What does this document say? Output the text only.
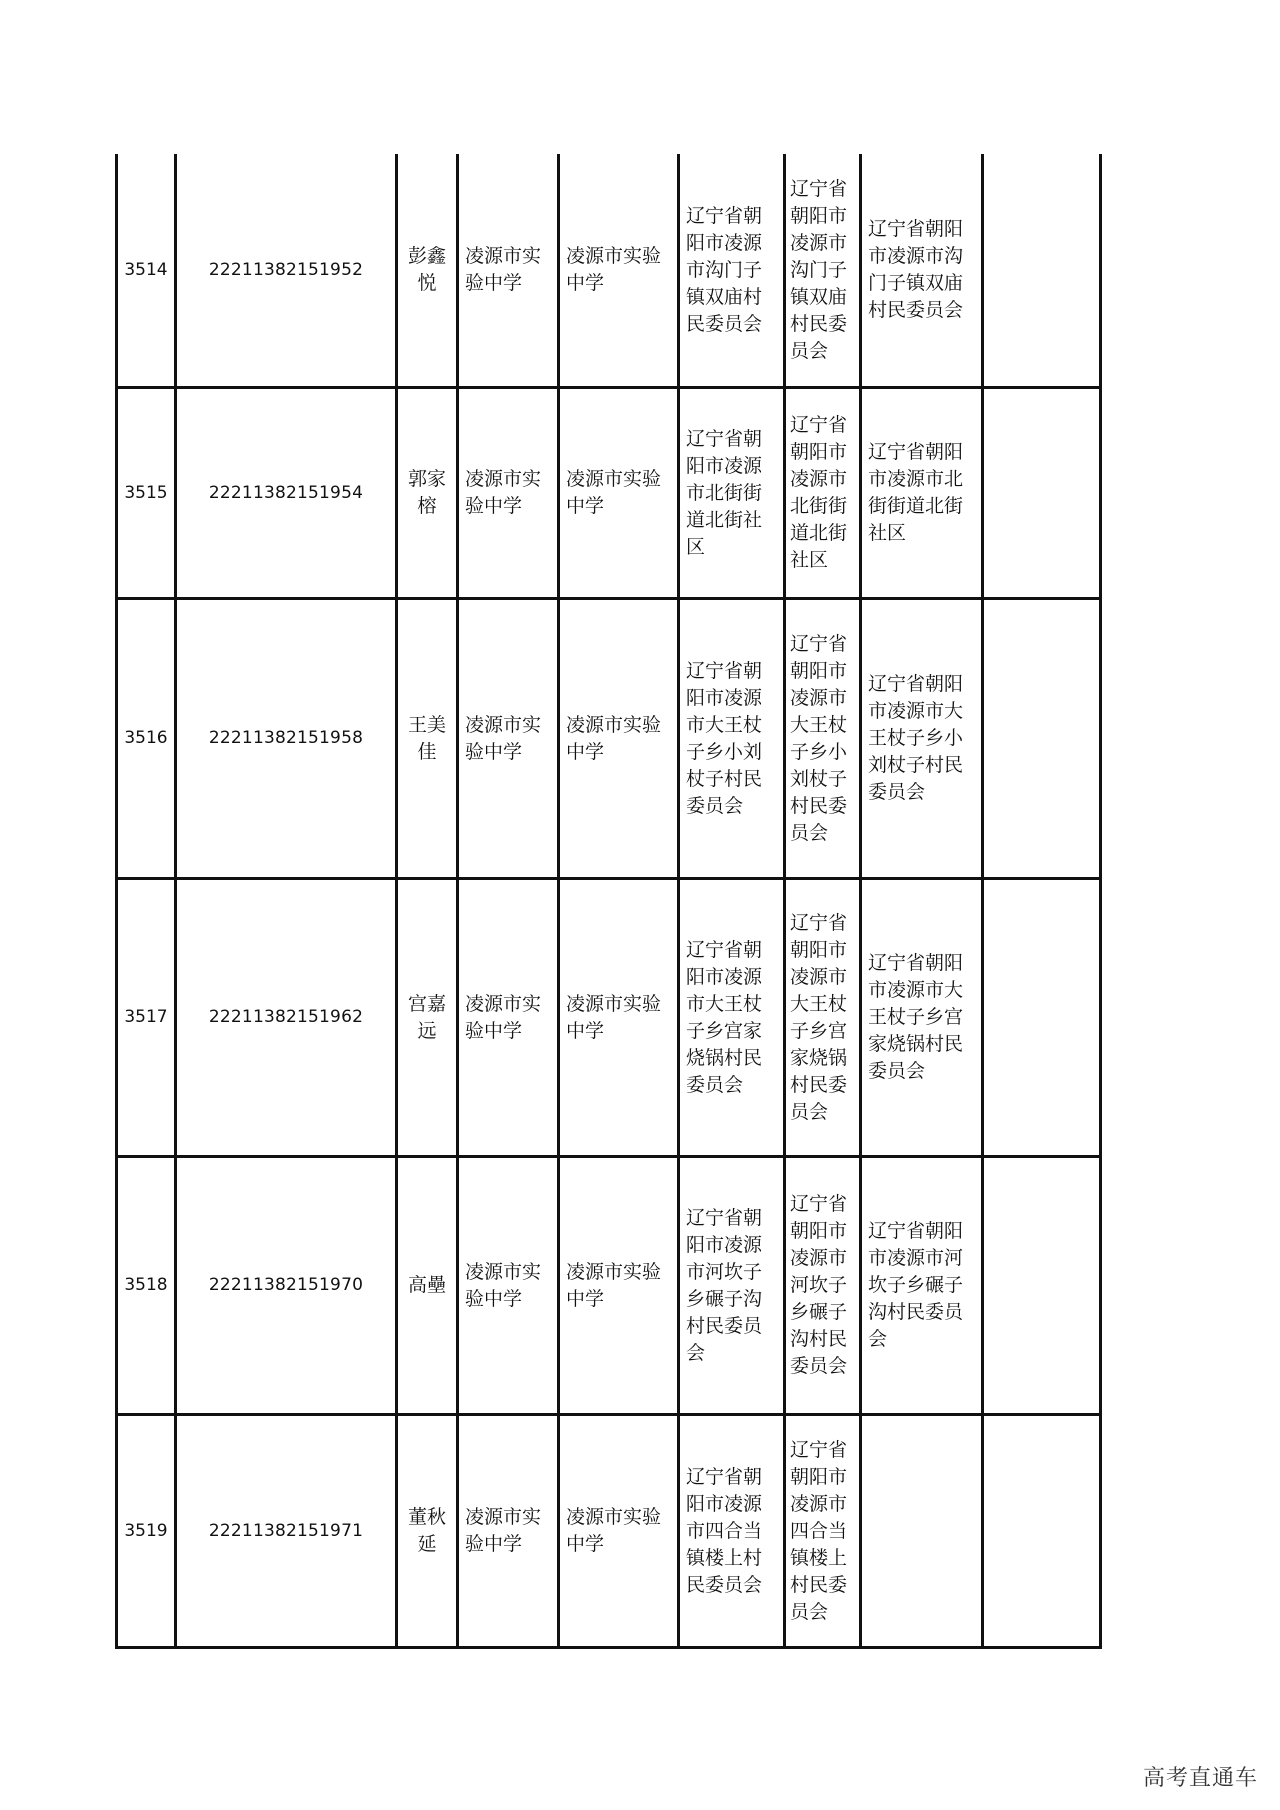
3514 22211382151952
彭鑫悦
凌源市实验中学
凌源市实验中学
辽宁省朝阳市凌源市沟门子镇双庙村民委员会
辽宁省朝阳市凌源市沟门子镇双庙村民委员会
辽宁省朝阳市凌源市沟门子镇双庙村民委员会
3515 22211382151954
郭家榕
凌源市实验中学
凌源市实验中学
辽宁省朝阳市凌源市北街街道北街社区
辽宁省朝阳市凌源市北街街道北街社区
辽宁省朝阳市凌源市北街街道北街社区
3516 22211382151958
王美佳
凌源市实验中学
凌源市实验中学
辽宁省朝阳市凌源市大王杖子乡小刘杖子村民委员会
辽宁省朝阳市凌源市大王杖子乡小刘杖子村民委员会
辽宁省朝阳市凌源市大王杖子乡小刘杖子村民委员会
3517 22211382151962
宫嘉远
凌源市实验中学
凌源市实验中学
辽宁省朝阳市凌源市大王杖子乡宫家烧锅村民委员会
辽宁省朝阳市凌源市大王杖子乡宫家烧锅村民委员会
辽宁省朝阳市凌源市大王杖子乡宫家烧锅村民委员会
3518 22211382151970 高壘
凌源市实验中学
凌源市实验中学
辽宁省朝阳市凌源市河坎子乡碾子沟村民委员会
辽宁省朝阳市凌源市河坎子乡碾子沟村民委员会
辽宁省朝阳市凌源市河坎子乡碾子沟村民委员会
3519 22211382151971
董秋延
凌源市实验中学
凌源市实验中学
辽宁省朝阳市凌源市四合当镇楼上村民委员会
辽宁省朝阳市凌源市四合当镇楼上村民委员会
高考直通车
